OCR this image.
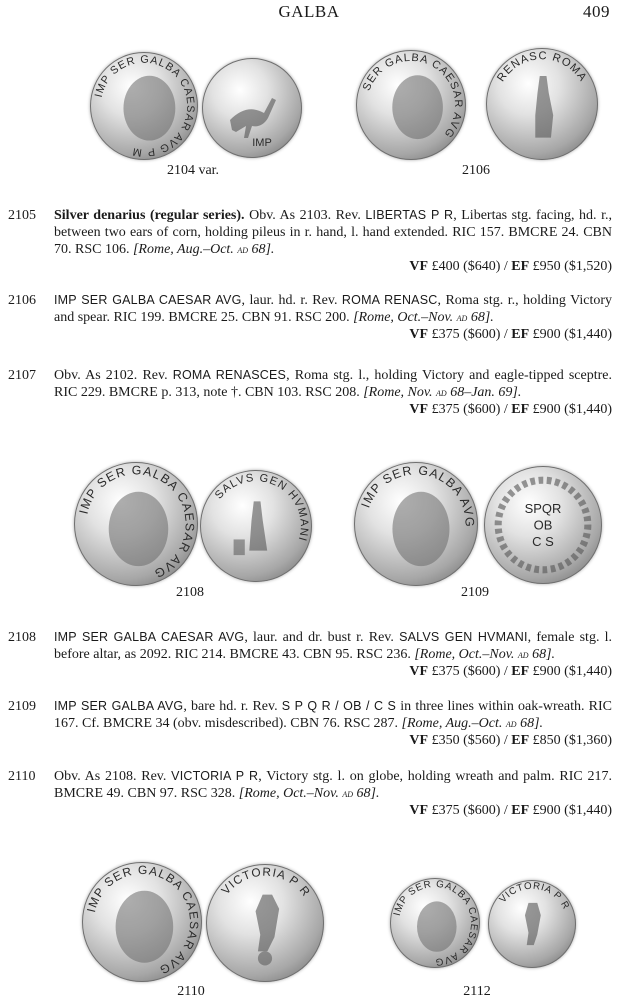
GALBA	409
IMP SER GALBA CAESAR AVG P M
IMP
SER GALBA CAESAR AVG
RENASC ROMA
2104 var.	2106
2105 Silver denarius (regular series). Obv. As 2103. Rev. LIBERTAS P R, Libertas stg. facing, hd. r., between two ears of corn, holding pileus in r. hand, l. hand extended. RIC 157. BMCRE 24. CBN 70. RSC 106. [Rome, Aug.–Oct. ad 68].
VF £400 ($640) / EF £950 ($1,520)
2106 IMP SER GALBA CAESAR AVG, laur. hd. r. Rev. ROMA RENASC, Roma stg. r., holding Victory and spear. RIC 199. BMCRE 25. CBN 91. RSC 200. [Rome, Oct.–Nov. ad 68].
VF £375 ($600) / EF £900 ($1,440)
2107 Obv. As 2102. Rev. ROMA RENASCES, Roma stg. l., holding Victory and eagle-tipped sceptre. RIC 229. BMCRE p. 313, note †. CBN 103. RSC 208. [Rome, Nov. ad 68–Jan. 69].
VF £375 ($600) / EF £900 ($1,440)
IMP SER GALBA CAESAR AVG
SALVS GEN HVMANI
IMP SER GALBA AVG
SPQR
OB
C S
2108	2109
2108 IMP SER GALBA CAESAR AVG, laur. and dr. bust r. Rev. SALVS GEN HVMANI, female stg. l. before altar, as 2092. RIC 214. BMCRE 43. CBN 95. RSC 236. [Rome, Oct.–Nov. ad 68].
VF £375 ($600) / EF £900 ($1,440)
2109 IMP SER GALBA AVG, bare hd. r. Rev. S P Q R / OB / C S in three lines within oak-wreath. RIC 167. Cf. BMCRE 34 (obv. misdescribed). CBN 76. RSC 287. [Rome, Aug.–Oct. ad 68].
VF £350 ($560) / EF £850 ($1,360)
2110 Obv. As 2108. Rev. VICTORIA P R, Victory stg. l. on globe, holding wreath and palm. RIC 217. BMCRE 49. CBN 97. RSC 328. [Rome, Oct.–Nov. ad 68].
VF £375 ($600) / EF £900 ($1,440)
IMP SER GALBA CAESAR AVG
VICTORIA P R
IMP SER GALBA CAESAR AVG
VICTORIA P R
2110	2112
